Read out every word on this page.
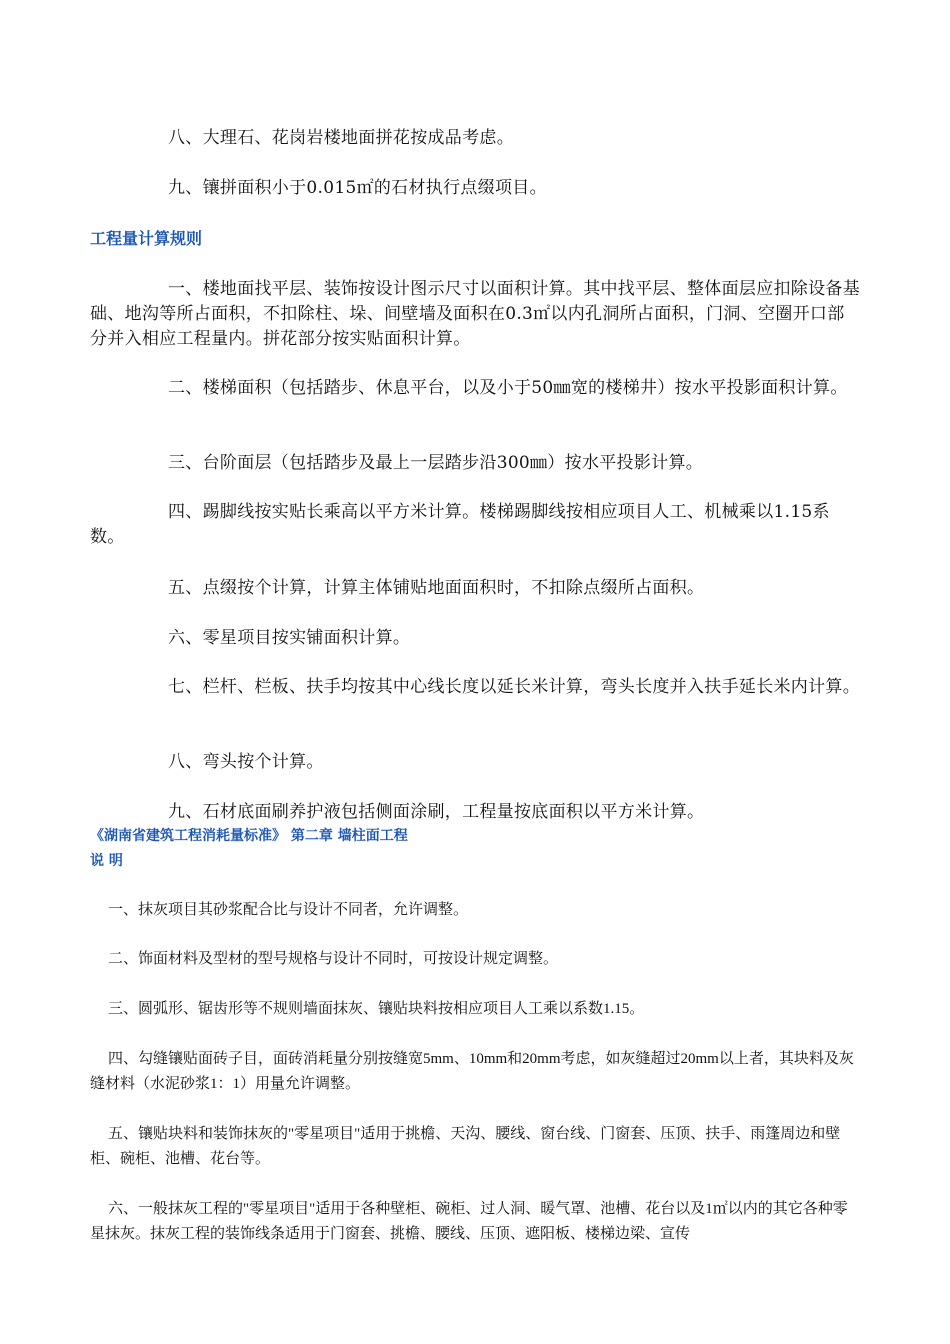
八、大理石、花岗岩楼地面拼花按成品考虑。

九、镶拼面积小于0.015㎡的石材执行点缀项目。

工程量计算规则

一、楼地面找平层、装饰按设计图示尺寸以面积计算。其中找平层、整体面层应扣除设备基础、地沟等所占面积，不扣除柱、垛、间壁墙及面积在0.3㎡以内孔洞所占面积，门洞、空圈开口部分并入相应工程量内。拼花部分按实贴面积计算。

二、楼梯面积（包括踏步、休息平台，以及小于50㎜宽的楼梯井）按水平投影面积计算。

三、台阶面层（包括踏步及最上一层踏步沿300㎜）按水平投影计算。

四、踢脚线按实贴长乘高以平方米计算。楼梯踢脚线按相应项目人工、机械乘以1.15系数。

五、点缀按个计算，计算主体铺贴地面面积时，不扣除点缀所占面积。

六、零星项目按实铺面积计算。

七、栏杆、栏板、扶手均按其中心线长度以延长米计算，弯头长度并入扶手延长米内计算。

八、弯头按个计算。

九、石材底面刷养护液包括侧面涂刷，工程量按底面积以平方米计算。

《湖南省建筑工程消耗量标准》 第二章 墙柱面工程
说 明

一、抹灰项目其砂浆配合比与设计不同者，允许调整。

二、饰面材料及型材的型号规格与设计不同时，可按设计规定调整。

三、圆弧形、锯齿形等不规则墙面抹灰、镶贴块料按相应项目人工乘以系数1.15。

四、勾缝镶贴面砖子目，面砖消耗量分别按缝宽5mm、10mm和20mm考虑，如灰缝超过20mm以上者，其块料及灰缝材料（水泥砂浆1：1）用量允许调整。

五、镶贴块料和装饰抹灰的"零星项目"适用于挑檐、天沟、腰线、窗台线、门窗套、压顶、扶手、雨篷周边和壁柜、碗柜、池槽、花台等。

六、一般抹灰工程的"零星项目"适用于各种壁柜、碗柜、过人洞、暖气罩、池槽、花台以及1㎡以内的其它各种零星抹灰。抹灰工程的装饰线条适用于门窗套、挑檐、腰线、压顶、遮阳板、楼梯边梁、宣传
